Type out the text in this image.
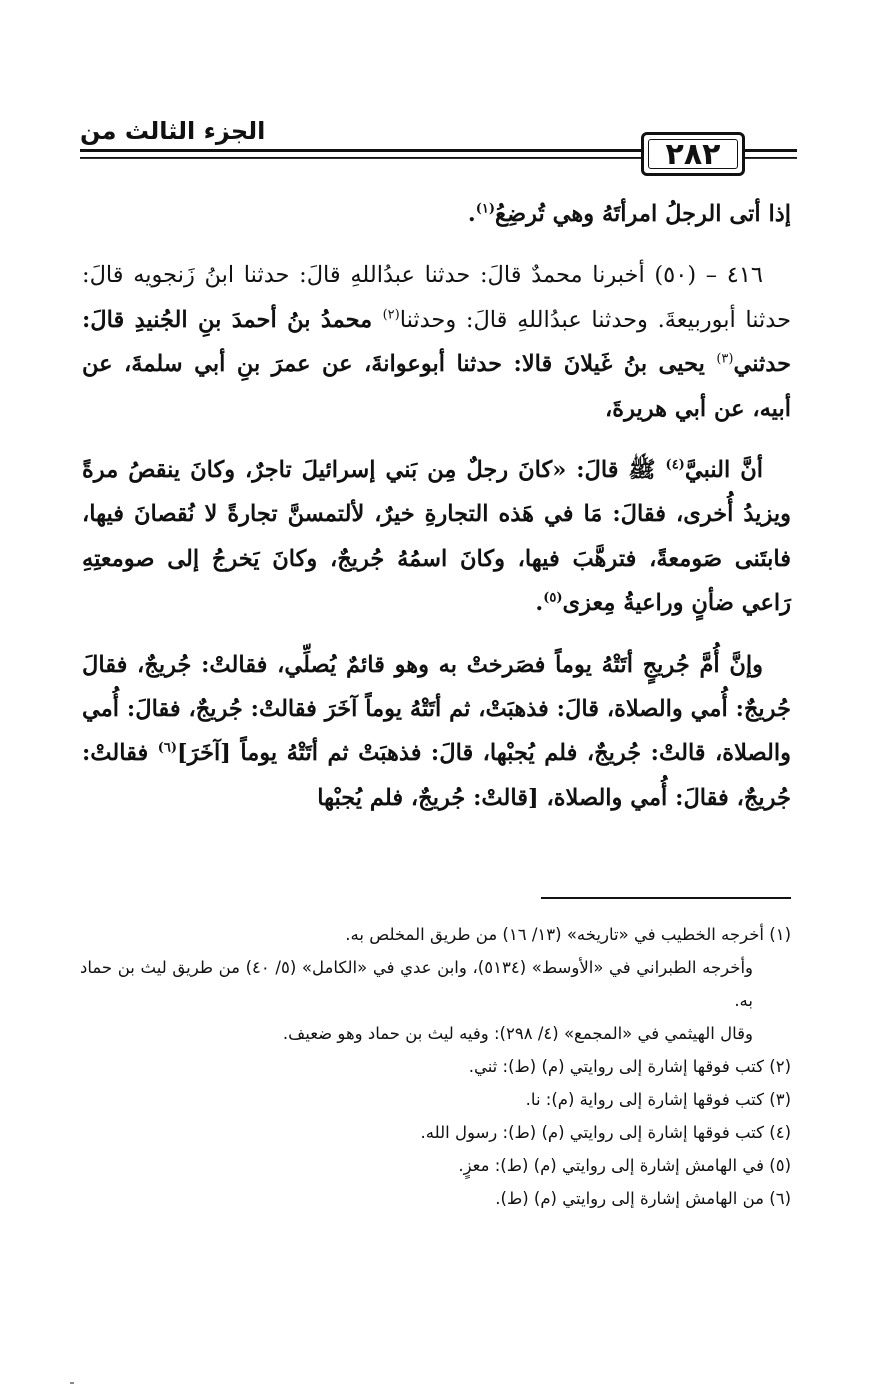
الجزء الثالث من
٢٨٢

إذا أتى الرجلُ امرأتَهُ وهي تُرضِعُ$^{(١)}$.

٤١٦ – (٥٠) أخبرنا محمدٌ قالَ: حدثنا عبدُاللهِ قالَ: حدثنا ابنُ زَنجويه قالَ: حدثنا أبوربيعةَ. وحدثنا عبدُاللهِ قالَ: وحدثنا$^{(٢)}$ محمدُ بنُ أحمدَ بنِ الجُنيدِ قالَ: حدثني$^{(٣)}$ يحيى بنُ غَيلانَ قالا: حدثنا أبوعوانةَ، عن عمرَ بنِ أبي سلمةَ، عن أبيه، عن أبي هريرةَ،

أنَّ النبيَّ$^{(٤)}$ ﷺ قالَ: «كانَ رجلٌ مِن بَني إسرائيلَ تاجرٌ، وكانَ ينقصُ مرةً ويزيدُ أُخرى، فقالَ: مَا في هَذه التجارةِ خيرٌ، لألتمسنَّ تجارةً لا نُقصانَ فيها، فابتَنى صَومعةً، فترهَّبَ فيها، وكانَ اسمُهُ جُريجٌ، وكانَ يَخرجُ إلى صومعتِهِ رَاعي ضأنٍ وراعيةُ مِعزى$^{(٥)}$.

وإنَّ أُمَّ جُريجٍ أتَتْهُ يوماً فصَرختْ به وهو قائمٌ يُصلِّي، فقالتْ: جُريجٌ، فقالَ جُريجٌ: أُمي والصلاة، قالَ: فذهبَتْ، ثم أتَتْهُ يوماً آخَرَ فقالتْ: جُريجٌ، فقالَ: أُمي والصلاة، قالتْ: جُريجٌ، فلم يُجبْها، قالَ: فذهبَتْ ثم أتَتْهُ يوماً [آخَرَ]$^{(٦)}$ فقالتْ: جُريجٌ، فقالَ: أُمي والصلاة، [قالتْ: جُريجٌ، فلم يُجبْها

(١) أخرجه الخطيب في «تاريخه» (١٣/ ١٦) من طريق المخلص به.

وأخرجه الطبراني في «الأوسط» (٥١٣٤)، وابن عدي في «الكامل» (٥/ ٤٠) من طريق ليث بن حماد به.

وقال الهيثمي في «المجمع» (٤/ ٢٩٨): وفيه ليث بن حماد وهو ضعيف.

(٢) كتب فوقها إشارة إلى روايتي (م) (ط): ثني.

(٣) كتب فوقها إشارة إلى رواية (م): نا.

(٤) كتب فوقها إشارة إلى روايتي (م) (ط): رسول الله.

(٥) في الهامش إشارة إلى روايتي (م) (ط): معزٍ.

(٦) من الهامش إشارة إلى روايتي (م) (ط).
